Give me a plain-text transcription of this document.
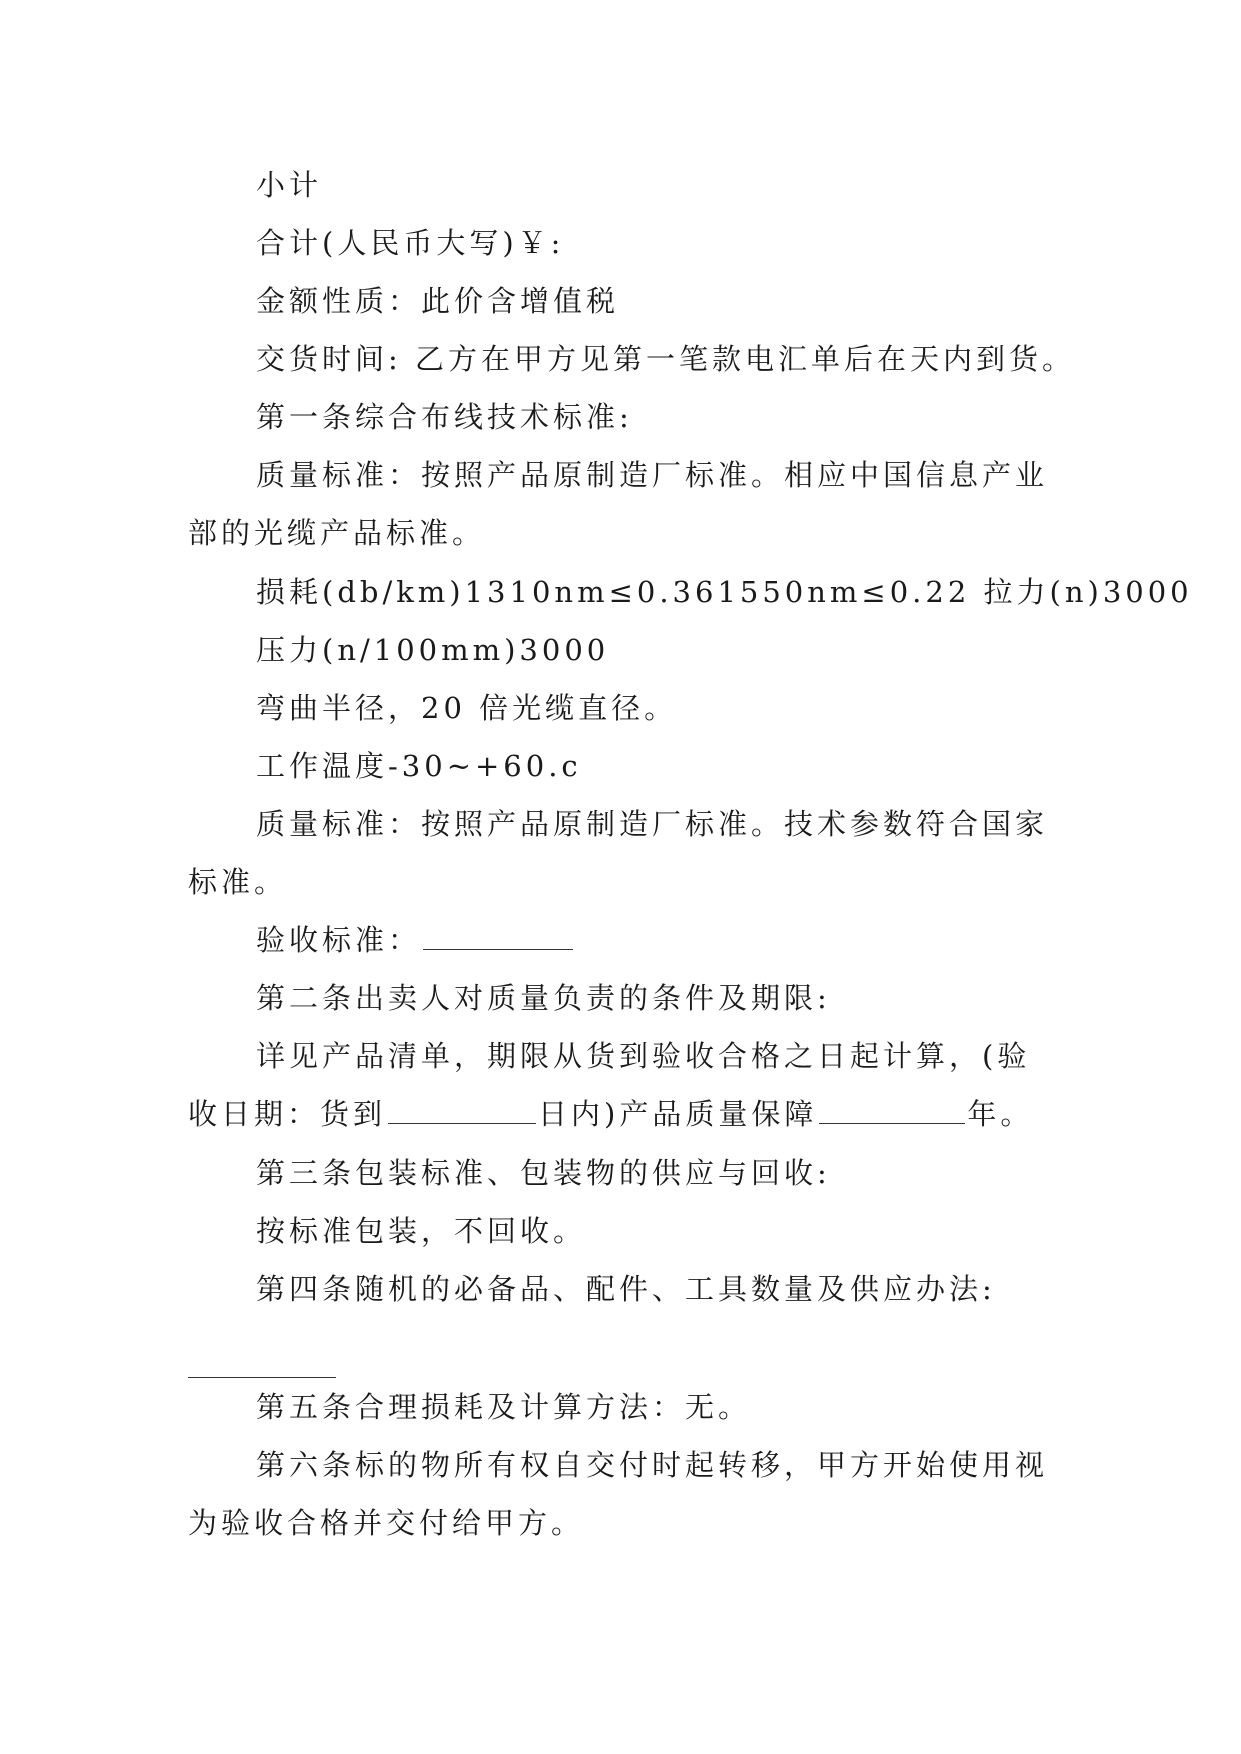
小计
合计(人民币大写)￥:
金额性质：此价含增值税
交货时间: 乙方在甲方见第一笔款电汇单后在天内到货。
第一条综合布线技术标准:
质量标准：按照产品原制造厂标准。相应中国信息产业
部的光缆产品标准。
损耗(db/km)1310nm≤0.361550nm≤0.22 拉力(n)3000
压力(n/100mm)3000
弯曲半径，20 倍光缆直径。
工作温度-30~+60.c
质量标准：按照产品原制造厂标准。技术参数符合国家
标准。
验收标准：
第二条出卖人对质量负责的条件及期限:
详见产品清单，期限从货到验收合格之日起计算，(验
收日期：货到	日内)产品质量保障	年。
第三条包装标准、包装物的供应与回收:
按标准包装，不回收。
第四条随机的必备品、配件、工具数量及供应办法:
第五条合理损耗及计算方法：无。
第六条标的物所有权自交付时起转移，甲方开始使用视
为验收合格并交付给甲方。
